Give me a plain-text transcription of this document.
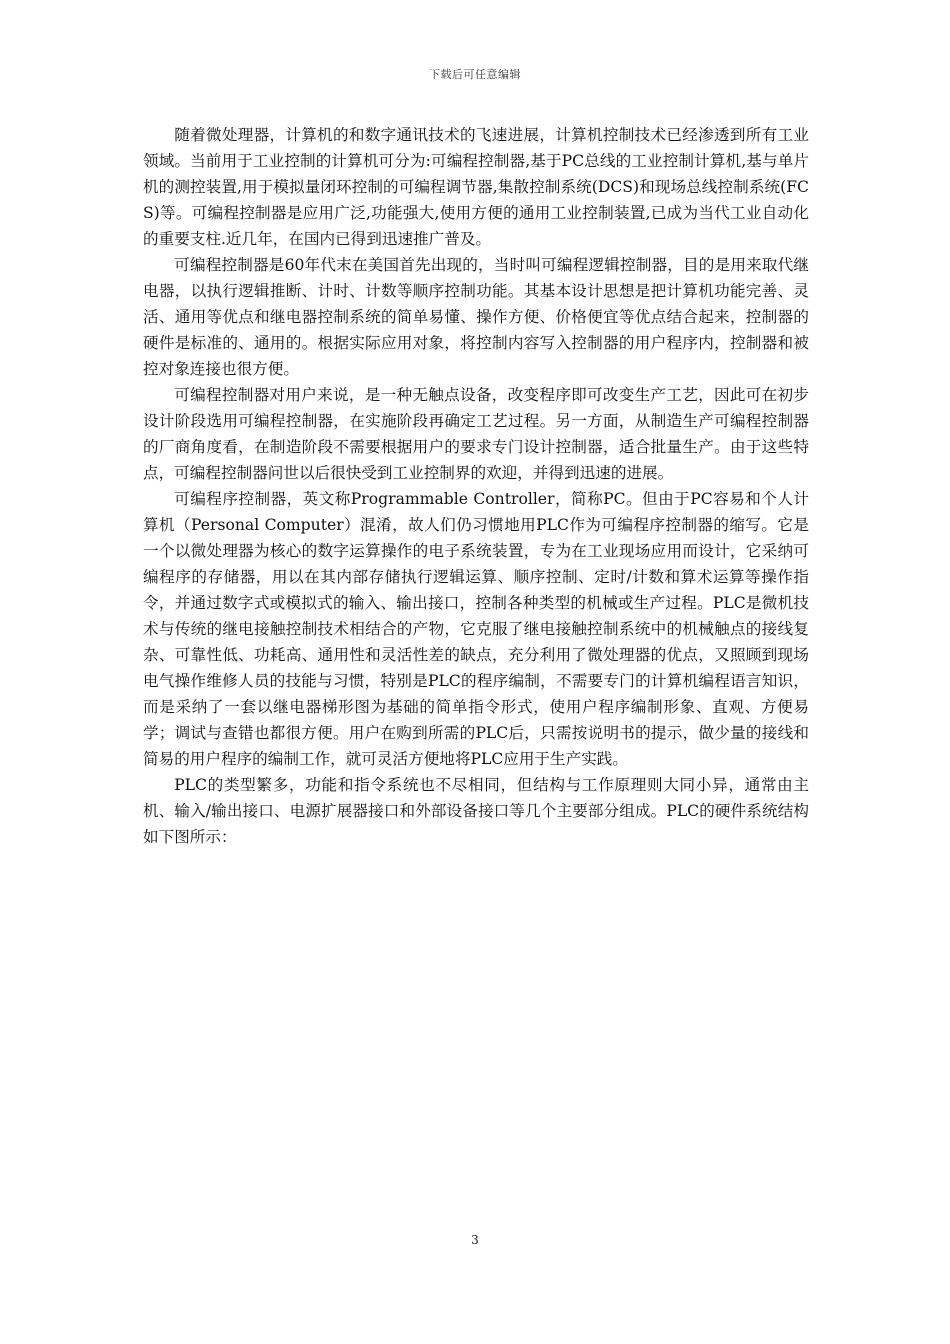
下载后可任意编辑

随着微处理器，计算机的和数字通讯技术的飞速进展，计算机控制技术已经渗透到所有工业领域。当前用于工业控制的计算机可分为:可编程控制器,基于PC总线的工业控制计算机,基与单片机的测控装置,用于模拟量闭环控制的可编程调节器,集散控制系统(DCS)和现场总线控制系统(FCS)等。可编程控制器是应用广泛,功能强大,使用方便的通用工业控制装置,已成为当代工业自动化的重要支柱.近几年，在国内已得到迅速推广普及。

可编程控制器是60年代末在美国首先出现的，当时叫可编程逻辑控制器，目的是用来取代继电器，以执行逻辑推断、计时、计数等顺序控制功能。其基本设计思想是把计算机功能完善、灵活、通用等优点和继电器控制系统的简单易懂、操作方便、价格便宜等优点结合起来，控制器的硬件是标准的、通用的。根据实际应用对象，将控制内容写入控制器的用户程序内，控制器和被控对象连接也很方便。

可编程控制器对用户来说，是一种无触点设备，改变程序即可改变生产工艺，因此可在初步设计阶段选用可编程控制器，在实施阶段再确定工艺过程。另一方面，从制造生产可编程控制器的厂商角度看，在制造阶段不需要根据用户的要求专门设计控制器，适合批量生产。由于这些特点，可编程控制器问世以后很快受到工业控制界的欢迎，并得到迅速的进展。

可编程序控制器，英文称Programmable Controller，简称PC。但由于PC容易和个人计算机（Personal Computer）混淆，故人们仍习惯地用PLC作为可编程序控制器的缩写。它是一个以微处理器为核心的数字运算操作的电子系统装置，专为在工业现场应用而设计，它采纳可编程序的存储器，用以在其内部存储执行逻辑运算、顺序控制、定时/计数和算术运算等操作指令，并通过数字式或模拟式的输入、输出接口，控制各种类型的机械或生产过程。PLC是微机技术与传统的继电接触控制技术相结合的产物，它克服了继电接触控制系统中的机械触点的接线复杂、可靠性低、功耗高、通用性和灵活性差的缺点，充分利用了微处理器的优点，又照顾到现场电气操作维修人员的技能与习惯，特别是PLC的程序编制，不需要专门的计算机编程语言知识，而是采纳了一套以继电器梯形图为基础的简单指令形式，使用户程序编制形象、直观、方便易学；调试与查错也都很方便。用户在购到所需的PLC后，只需按说明书的提示，做少量的接线和简易的用户程序的编制工作，就可灵活方便地将PLC应用于生产实践。

PLC的类型繁多，功能和指令系统也不尽相同，但结构与工作原理则大同小异，通常由主机、输入/输出接口、电源扩展器接口和外部设备接口等几个主要部分组成。PLC的硬件系统结构如下图所示：

3
